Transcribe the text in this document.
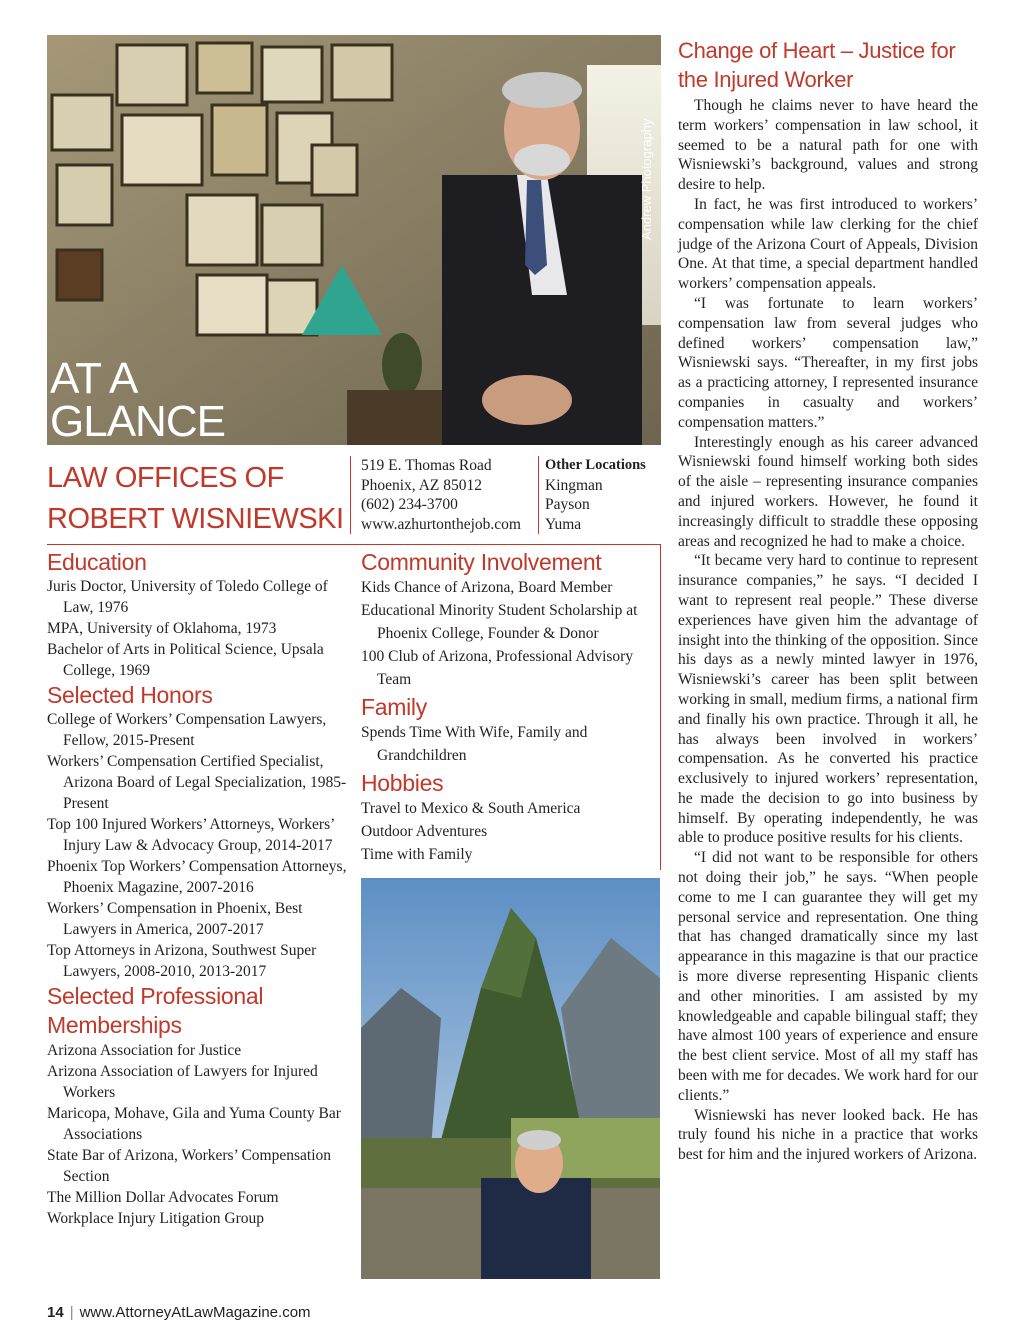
Andrew Photography
AT A
GLANCE
LAW OFFICES OF
ROBERT WISNIEWSKI
519 E. Thomas Road
Phoenix, AZ 85012
(602) 234-3700
www.azhurtonthejob.com
Other Locations
Kingman
Payson
Yuma
Education
Juris Doctor, University of Toledo College of Law, 1976
MPA, University of Oklahoma, 1973
Bachelor of Arts in Political Science, Upsala College, 1969
Selected Honors
College of Workers’ Compensation Lawyers, Fellow, 2015-Present
Workers’ Compensation Certified Specialist, Arizona Board of Legal Specialization, 1985-Present
Top 100 Injured Workers’ Attorneys, Workers’ Injury Law & Advocacy Group, 2014-2017
Phoenix Top Workers’ Compensation Attorneys, Phoenix Magazine, 2007-2016
Workers’ Compensation in Phoenix, Best Lawyers in America, 2007-2017
Top Attorneys in Arizona, Southwest Super Lawyers, 2008-2010, 2013-2017
Selected Professional Memberships
Arizona Association for Justice
Arizona Association of Lawyers for Injured Workers
Maricopa, Mohave, Gila and Yuma County Bar Associations
State Bar of Arizona, Workers’ Compensation Section
The Million Dollar Advocates Forum
Workplace Injury Litigation Group
Community Involvement
Kids Chance of Arizona, Board Member
Educational Minority Student Scholarship at Phoenix College, Founder & Donor
100 Club of Arizona, Professional Advisory Team
Family
Spends Time With Wife, Family and Grandchildren
Hobbies
Travel to Mexico & South America
Outdoor Adventures
Time with Family
Change of Heart – Justice for the Injured Worker

Though he claims never to have heard the term workers’ compensation in law school, it seemed to be a natural path for one with Wisniewski’s background, values and strong desire to help.

In fact, he was first introduced to workers’ compensation while law clerking for the chief judge of the Arizona Court of Appeals, Division One. At that time, a special department handled workers’ compensation appeals.

“I was fortunate to learn workers’ compensation law from several judges who defined workers’ compensation law,” Wisniewski says. “Thereafter, in my first jobs as a practicing attorney, I represented insurance companies in casualty and workers’ compensation matters.”

Interestingly enough as his career advanced Wisniewski found himself working both sides of the aisle – representing insurance companies and injured workers. However, he found it increasingly difficult to straddle these opposing areas and recognized he had to make a choice.

“It became very hard to continue to represent insurance companies,” he says. “I decided I want to represent real people.” These diverse experiences have given him the advantage of insight into the thinking of the opposition. Since his days as a newly minted lawyer in 1976, Wisniewski’s career has been split between working in small, medium firms, a national firm and finally his own practice. Through it all, he has always been involved in workers’ compensation. As he converted his practice exclusively to injured workers’ representation, he made the decision to go into business by himself. By operating independently, he was able to produce positive results for his clients.

“I did not want to be responsible for others not doing their job,” he says. “When people come to me I can guarantee they will get my personal service and representation. One thing that has changed dramatically since my last appearance in this magazine is that our practice is more diverse representing Hispanic clients and other minorities. I am assisted by my knowledgeable and capable bilingual staff; they have almost 100 years of experience and ensure the best client service. Most of all my staff has been with me for decades. We work hard for our clients.”

Wisniewski has never looked back. He has truly found his niche in a practice that works best for him and the injured workers of Arizona.

14 | www.AttorneyAtLawMagazine.com
